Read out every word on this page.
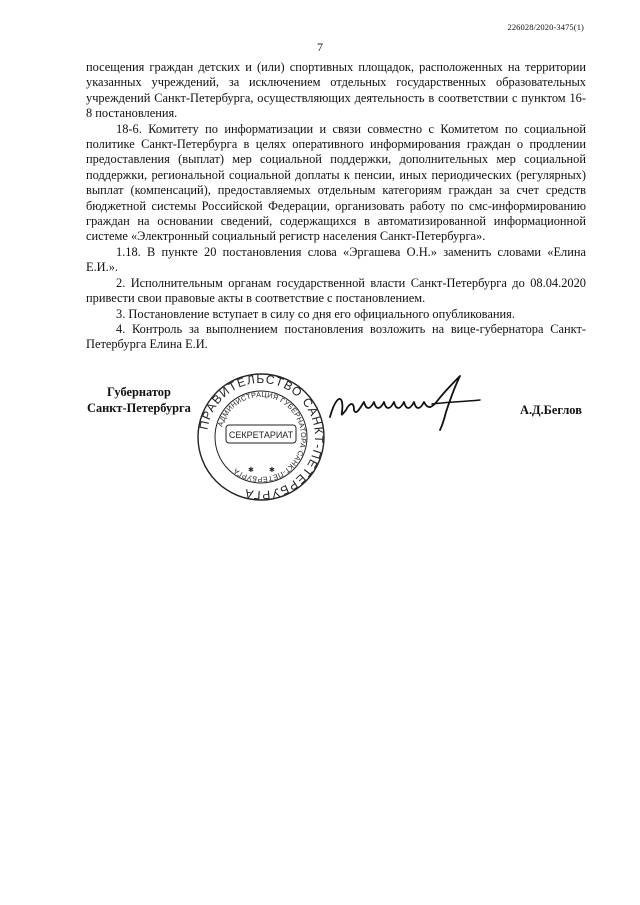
226028/2020-3475(1)
7

посещения граждан детских и (или) спортивных площадок, расположенных на территории указанных учреждений, за исключением отдельных государственных образовательных учреждений Санкт-Петербурга, осуществляющих деятельность в соответствии с пунктом 16-8 постановления.

18-6. Комитету по информатизации и связи совместно с Комитетом по социальной политике Санкт-Петербурга в целях оперативного информирования граждан о продлении предоставления (выплат) мер социальной поддержки, дополнительных мер социальной поддержки, региональной социальной доплаты к пенсии, иных периодических (регулярных) выплат (компенсаций), предоставляемых отдельным категориям граждан за счет средств бюджетной системы Российской Федерации, организовать работу по смс-информированию граждан на основании сведений, содержащихся в автоматизированной информационной системе «Электронный социальный регистр населения Санкт-Петербурга».

1.18. В пункте 20 постановления слова «Эргашева О.Н.» заменить словами «Елина Е.И.».

2. Исполнительным органам государственной власти Санкт-Петербурга до 08.04.2020 привести свои правовые акты в соответствие с постановлением.

3. Постановление вступает в силу со дня его официального опубликования.

4. Контроль за выполнением постановления возложить на вице-губернатора Санкт-Петербурга Елина Е.И.

Губернатор
Санкт-Петербурга
ПРАВИТЕЛЬСТВО САНКТ-ПЕТЕРБУРГА
АДМИНИСТРАЦИЯ ГУБЕРНАТОРА САНКТ-ПЕТЕРБУРГА
СЕКРЕТАРИАТ
✱ ✱
А.Д.Беглов
